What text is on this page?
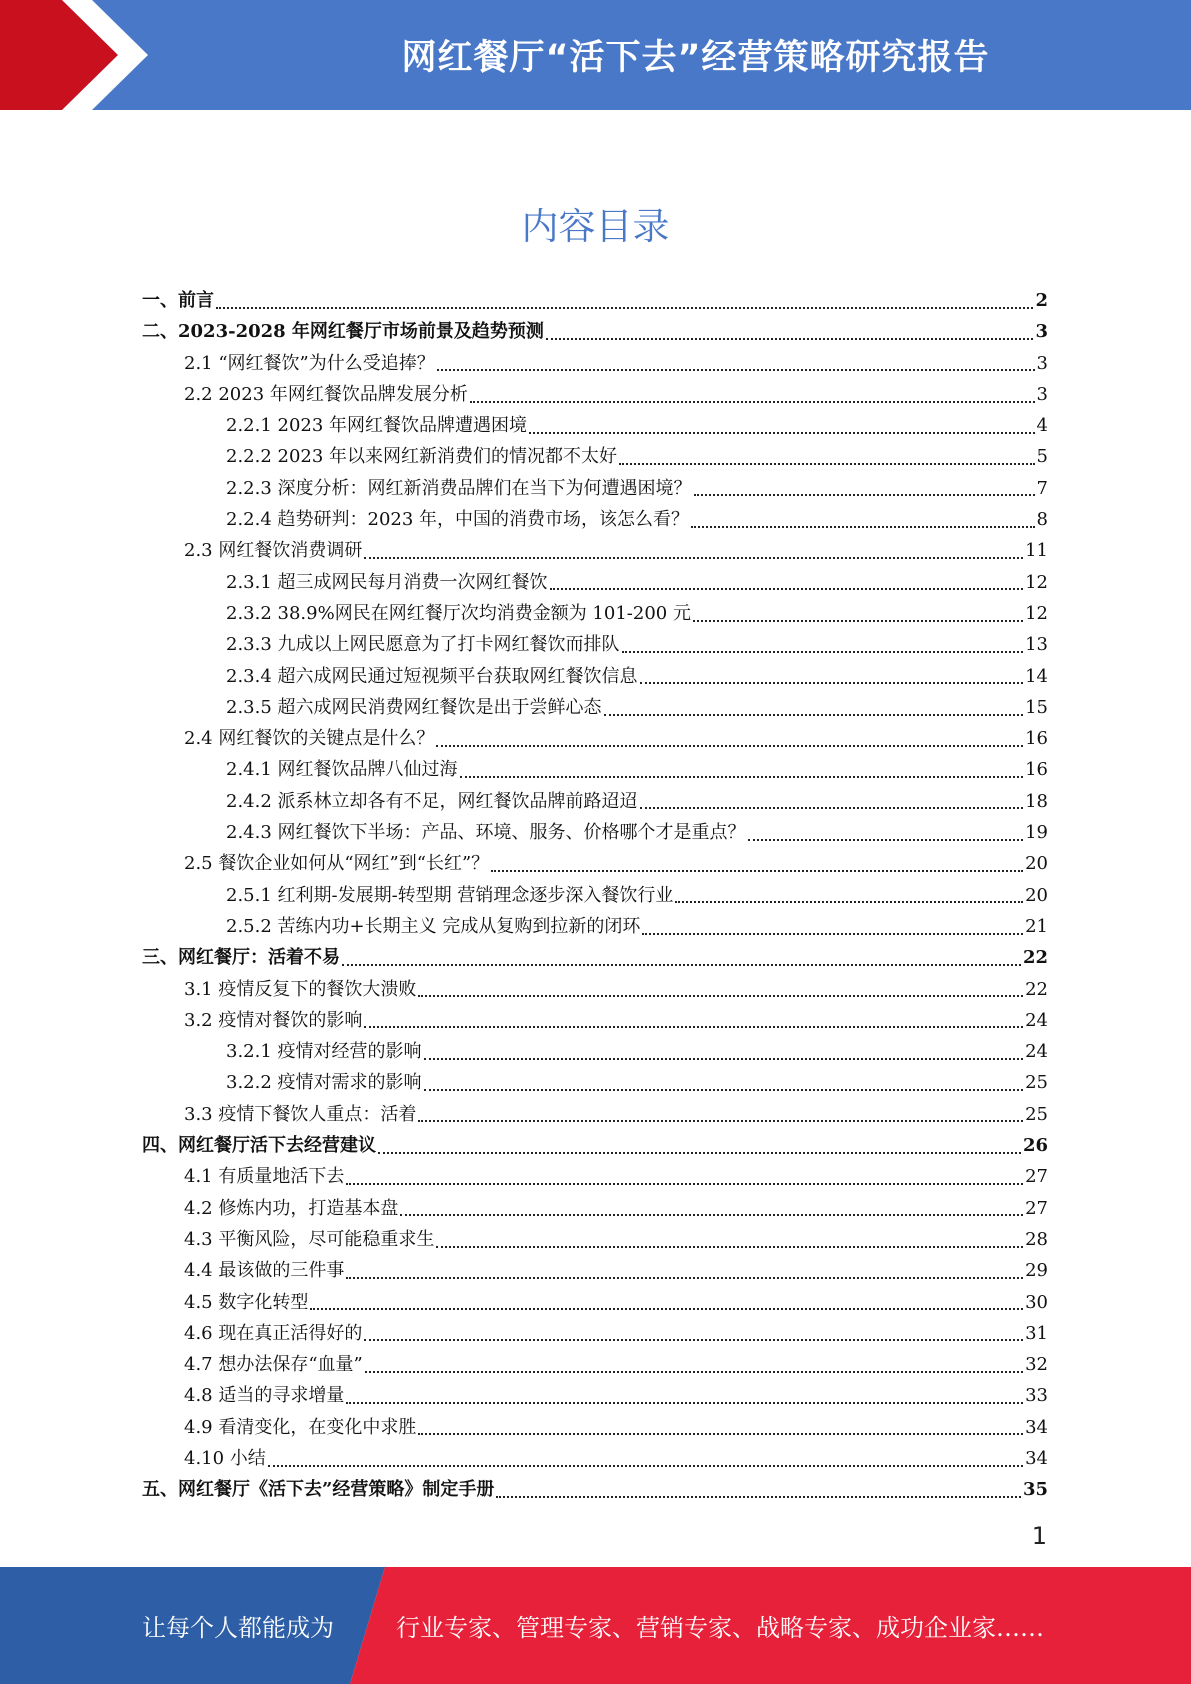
网红餐厅“活下去”经营策略研究报告
内容目录
一、前言	2
二、2023-2028 年网红餐厅市场前景及趋势预测	3
2.1 “网红餐饮”为什么受追捧？	3
2.2 2023 年网红餐饮品牌发展分析	3
2.2.1 2023 年网红餐饮品牌遭遇困境	4
2.2.2 2023 年以来网红新消费们的情况都不太好	5
2.2.3 深度分析：网红新消费品牌们在当下为何遭遇困境？	7
2.2.4 趋势研判：2023 年，中国的消费市场，该怎么看？	8
2.3 网红餐饮消费调研	11
2.3.1 超三成网民每月消费一次网红餐饮	12
2.3.2 38.9%网民在网红餐厅次均消费金额为 101-200 元	12
2.3.3 九成以上网民愿意为了打卡网红餐饮而排队	13
2.3.4 超六成网民通过短视频平台获取网红餐饮信息	14
2.3.5 超六成网民消费网红餐饮是出于尝鲜心态	15
2.4 网红餐饮的关键点是什么？	16
2.4.1 网红餐饮品牌八仙过海	16
2.4.2 派系林立却各有不足，网红餐饮品牌前路迢迢	18
2.4.3 网红餐饮下半场：产品、环境、服务、价格哪个才是重点？	19
2.5 餐饮企业如何从“网红”到“长红”？	20
2.5.1 红利期-发展期-转型期 营销理念逐步深入餐饮行业	20
2.5.2 苦练内功+长期主义 完成从复购到拉新的闭环	21
三、网红餐厅：活着不易	22
3.1 疫情反复下的餐饮大溃败	22
3.2 疫情对餐饮的影响	24
3.2.1 疫情对经营的影响	24
3.2.2 疫情对需求的影响	25
3.3 疫情下餐饮人重点：活着	25
四、网红餐厅活下去经营建议	26
4.1 有质量地活下去	27
4.2 修炼内功，打造基本盘	27
4.3 平衡风险，尽可能稳重求生	28
4.4 最该做的三件事	29
4.5 数字化转型	30
4.6 现在真正活得好的	31
4.7 想办法保存“血量”	32
4.8 适当的寻求增量	33
4.9 看清变化，在变化中求胜	34
4.10 小结	34
五、网红餐厅《活下去”经营策略》制定手册	35
1
让每个人都能成为	行业专家、管理专家、营销专家、战略专家、成功企业家……
